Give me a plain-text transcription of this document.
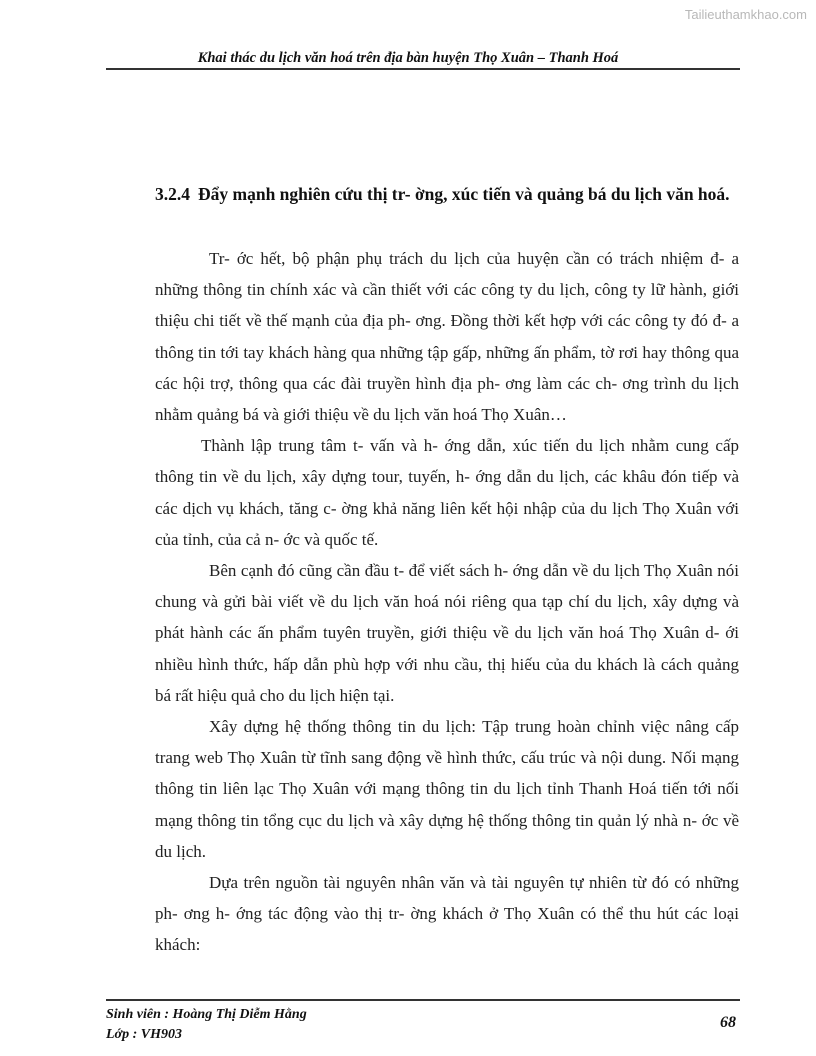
Tailieuthamkhao.com
Khai thác du lịch văn hoá trên địa bàn huyện Thọ Xuân – Thanh Hoá
3.2.4 Đẩy mạnh nghiên cứu thị tr- ờng, xúc tiến và quảng bá du lịch văn hoá.

Tr- ớc hết, bộ phận phụ trách du lịch của huyện cần có trách nhiệm đ- a những thông tin chính xác và cần thiết với các công ty du lịch, công ty lữ hành, giới thiệu chi tiết về thế mạnh của địa ph- ơng. Đồng thời kết hợp với các công ty đó đ- a thông tin tới tay khách hàng qua những tập gấp, những ấn phẩm, tờ rơi hay thông qua các hội trợ, thông qua các đài truyền hình địa ph- ơng làm các ch- ơng trình du lịch nhằm quảng bá và giới thiệu về du lịch văn hoá Thọ Xuân…

Thành lập trung tâm t- vấn và h- ớng dẫn, xúc tiến du lịch nhằm cung cấp thông tin về du lịch, xây dựng tour, tuyến, h- ớng dẫn du lịch, các khâu đón tiếp và các dịch vụ khách, tăng c- ờng khả năng liên kết hội nhập của du lịch Thọ Xuân với của tỉnh, của cả n- ớc và quốc tế.

Bên cạnh đó cũng cần đầu t- để viết sách h- ớng dẫn về du lịch Thọ Xuân nói chung và gửi bài viết về du lịch văn hoá nói riêng qua tạp chí du lịch, xây dựng và phát hành các ấn phẩm tuyên truyền, giới thiệu về du lịch văn hoá Thọ Xuân d- ới nhiều hình thức, hấp dẫn phù hợp với nhu cầu, thị hiếu của du khách là cách quảng bá rất hiệu quả cho du lịch hiện tại.

Xây dựng hệ thống thông tin du lịch: Tập trung hoàn chỉnh việc nâng cấp trang web Thọ Xuân từ tĩnh sang động về hình thức, cấu trúc và nội dung. Nối mạng thông tin liên lạc Thọ Xuân với mạng thông tin du lịch tỉnh Thanh Hoá tiến tới nối mạng thông tin tổng cục du lịch và xây dựng hệ thống thông tin quản lý nhà n- ớc về du lịch.

Dựa trên nguồn tài nguyên nhân văn và tài nguyên tự nhiên từ đó có những ph- ơng h- ớng tác động vào thị tr- ờng khách ở Thọ Xuân có thể thu hút các loại khách:

Sinh viên : Hoàng Thị Diễm Hằng
Lớp : VH903
68
